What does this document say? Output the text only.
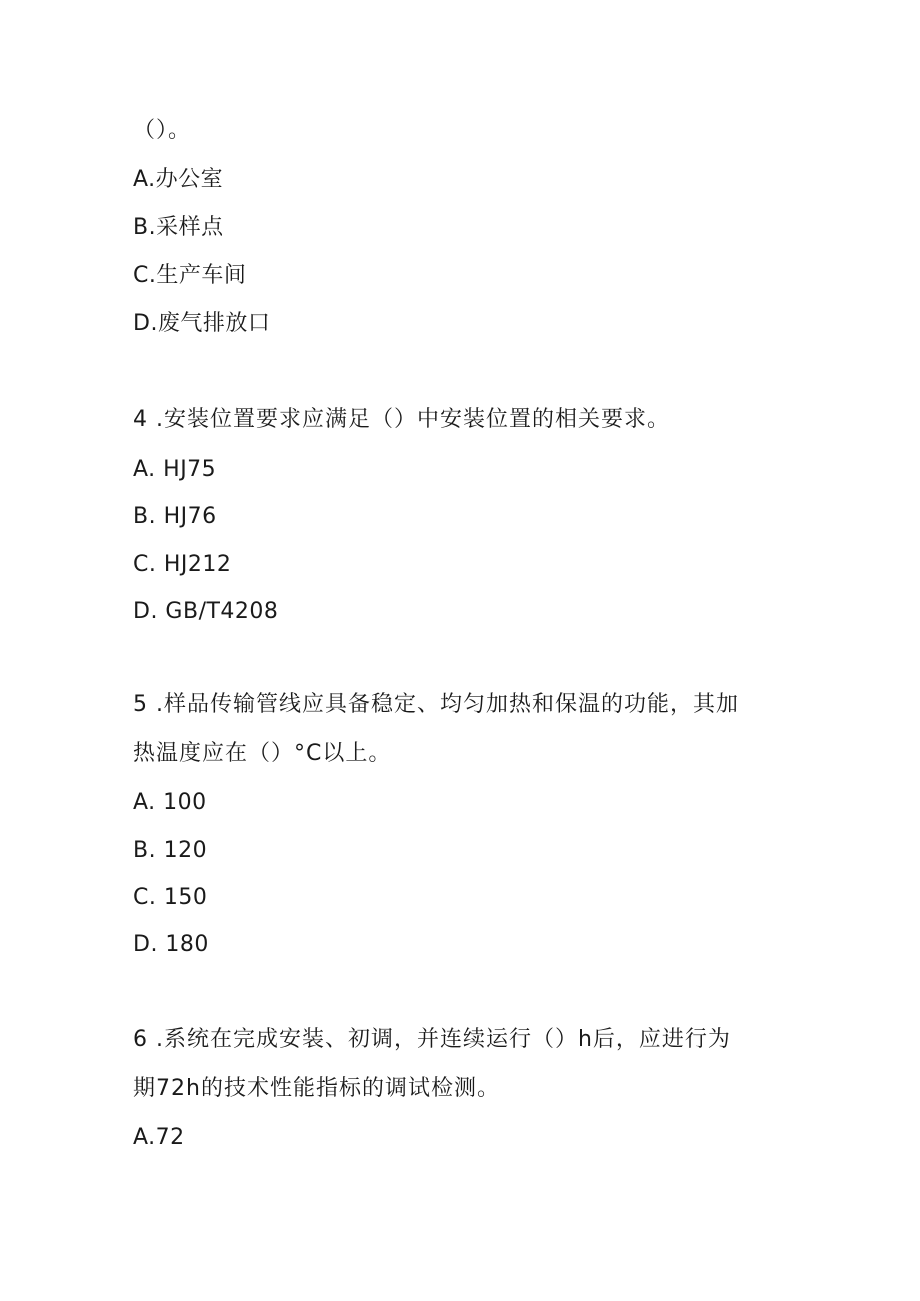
（）。
A.办公室
B.采样点
C.生产车间
D.废气排放口
4 .安装位置要求应满足（）中安装位置的相关要求。
A. HJ75
B. HJ76
C. HJ212
D. GB/T4208
5 .样品传输管线应具备稳定、均匀加热和保温的功能，其加
热温度应在（）°C以上。
A. 100
B. 120
C. 150
D. 180
6 .系统在完成安装、初调，并连续运行（）h后，应进行为
期72h的技术性能指标的调试检测。
A.72
